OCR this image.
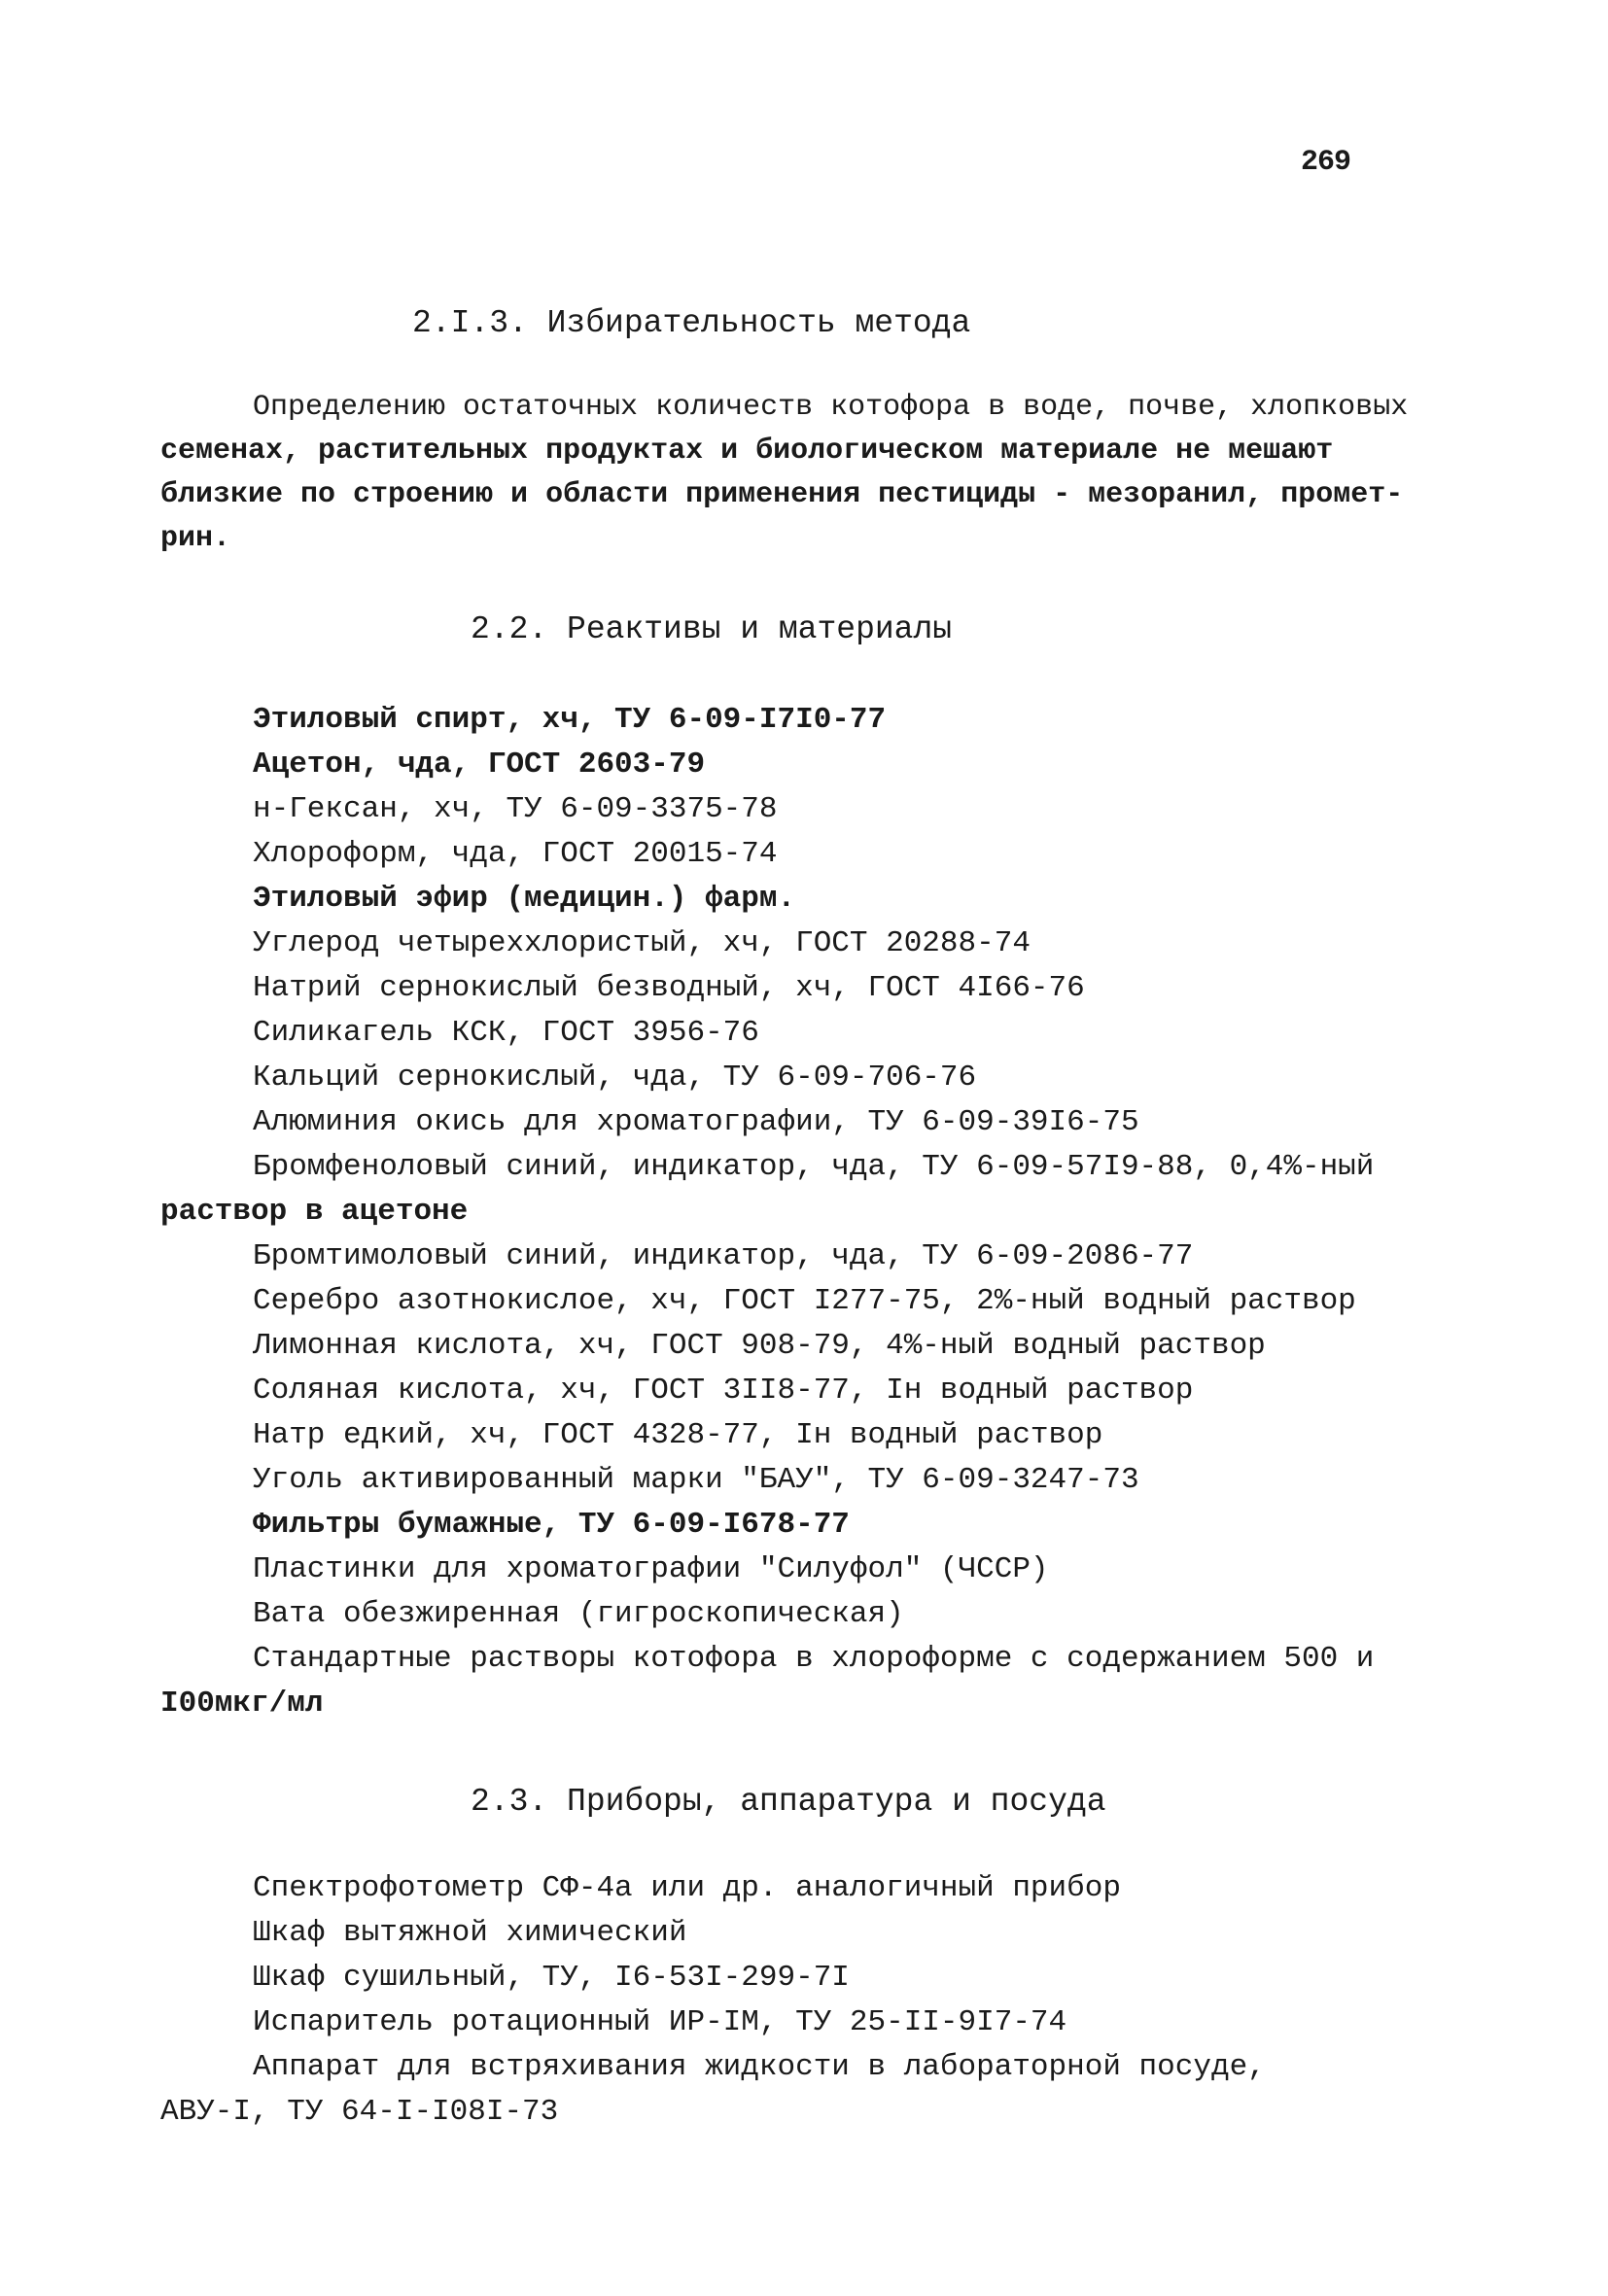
269
2.I.3. Избирательность метода
Определению остаточных количеств котофора в воде, почве, хлопковых
семенах, растительных продуктах и биологическом материале не мешают
близкие по строению и области применения пестициды - мезоранил, промет-
рин.
2.2. Реактивы и материалы
Этиловый спирт, хч, ТУ 6-09-I7I0-77
Ацетон, чда, ГОСТ 2603-79
н-Гексан, хч, ТУ 6-09-3375-78
Хлороформ, чда, ГОСТ 20015-74
Этиловый эфир (медицин.) фарм.
Углерод четыреххлористый, хч, ГОСТ 20288-74
Натрий сернокислый безводный, хч, ГОСТ 4I66-76
Силикагель КСК, ГОСТ 3956-76
Кальций сернокислый, чда, ТУ 6-09-706-76
Алюминия окись для хроматографии, ТУ 6-09-39I6-75
Бромфеноловый синий, индикатор, чда, ТУ 6-09-57I9-88, 0,4%-ный
раствор в ацетоне
Бромтимоловый синий, индикатор, чда, ТУ 6-09-2086-77
Серебро азотнокислое, хч, ГОСТ I277-75, 2%-ный водный раствор
Лимонная кислота, хч, ГОСТ 908-79, 4%-ный водный раствор
Соляная кислота, хч, ГОСТ 3II8-77, Iн водный раствор
Натр едкий, хч, ГОСТ 4328-77, Iн водный раствор
Уголь активированный марки "БАУ", ТУ 6-09-3247-73
Фильтры бумажные, ТУ 6-09-I678-77
Пластинки для хроматографии "Силуфол" (ЧССР)
Вата обезжиренная (гигроскопическая)
Стандартные растворы котофора в хлороформе с содержанием 500 и
I00мкг/мл
2.3. Приборы, аппаратура и посуда
Спектрофотометр СФ-4а или др. аналогичный прибор
Шкаф вытяжной химический
Шкаф сушильный, ТУ, I6-53I-299-7I
Испаритель ротационный ИР-IМ, ТУ 25-II-9I7-74
Аппарат для встряхивания жидкости в лабораторной посуде,
АВУ-I, ТУ 64-I-I08I-73
